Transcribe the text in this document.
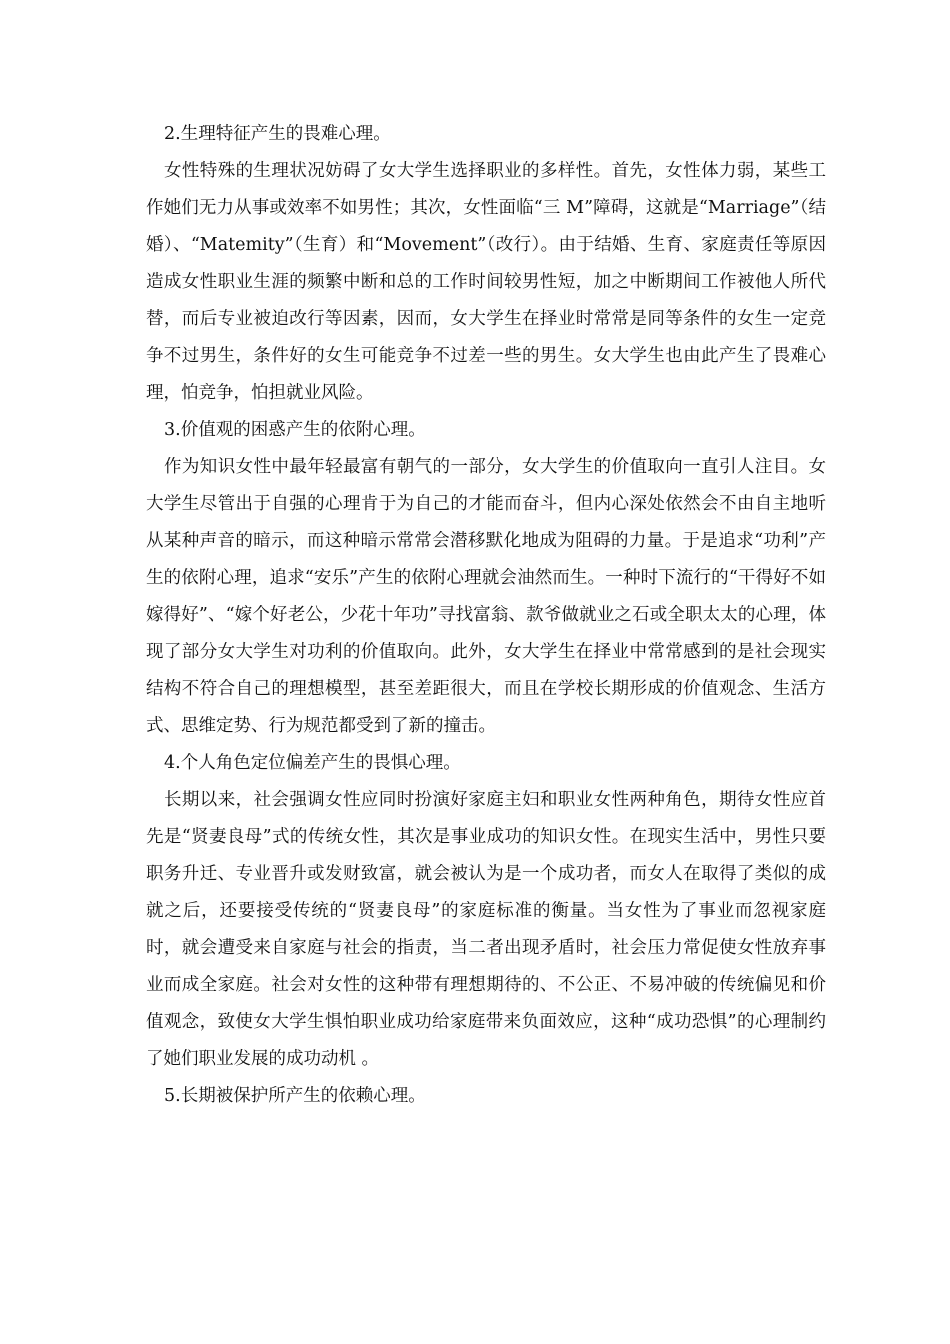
2.生理特征产生的畏难心理。

女性特殊的生理状况妨碍了女大学生选择职业的多样性。首先，女性体力弱，某些工作她们无力从事或效率不如男性；其次，女性面临“三 M”障碍，这就是“Marriage”（结婚）、“Matemity”（生育）和“Movement”（改行）。由于结婚、生育、家庭责任等原因造成女性职业生涯的频繁中断和总的工作时间较男性短，加之中断期间工作被他人所代替，而后专业被迫改行等因素，因而，女大学生在择业时常常是同等条件的女生一定竞争不过男生，条件好的女生可能竞争不过差一些的男生。女大学生也由此产生了畏难心理，怕竞争，怕担就业风险。

3.价值观的困惑产生的依附心理。

作为知识女性中最年轻最富有朝气的一部分，女大学生的价值取向一直引人注目。女大学生尽管出于自强的心理肯于为自己的才能而奋斗，但内心深处依然会不由自主地听从某种声音的暗示，而这种暗示常常会潜移默化地成为阻碍的力量。于是追求“功利”产生的依附心理，追求“安乐”产生的依附心理就会油然而生。一种时下流行的“干得好不如嫁得好”、“嫁个好老公，少花十年功”寻找富翁、款爷做就业之石或全职太太的心理，体现了部分女大学生对功利的价值取向。此外，女大学生在择业中常常感到的是社会现实结构不符合自己的理想模型，甚至差距很大，而且在学校长期形成的价值观念、生活方式、思维定势、行为规范都受到了新的撞击。

4.个人角色定位偏差产生的畏惧心理。

长期以来，社会强调女性应同时扮演好家庭主妇和职业女性两种角色，期待女性应首先是“贤妻良母”式的传统女性，其次是事业成功的知识女性。在现实生活中，男性只要职务升迁、专业晋升或发财致富，就会被认为是一个成功者，而女人在取得了类似的成就之后，还要接受传统的“贤妻良母”的家庭标准的衡量。当女性为了事业而忽视家庭时，就会遭受来自家庭与社会的指责，当二者出现矛盾时，社会压力常促使女性放弃事业而成全家庭。社会对女性的这种带有理想期待的、不公正、不易冲破的传统偏见和价值观念，致使女大学生惧怕职业成功给家庭带来负面效应，这种“成功恐惧”的心理制约了她们职业发展的成功动机 。

5.长期被保护所产生的依赖心理。
